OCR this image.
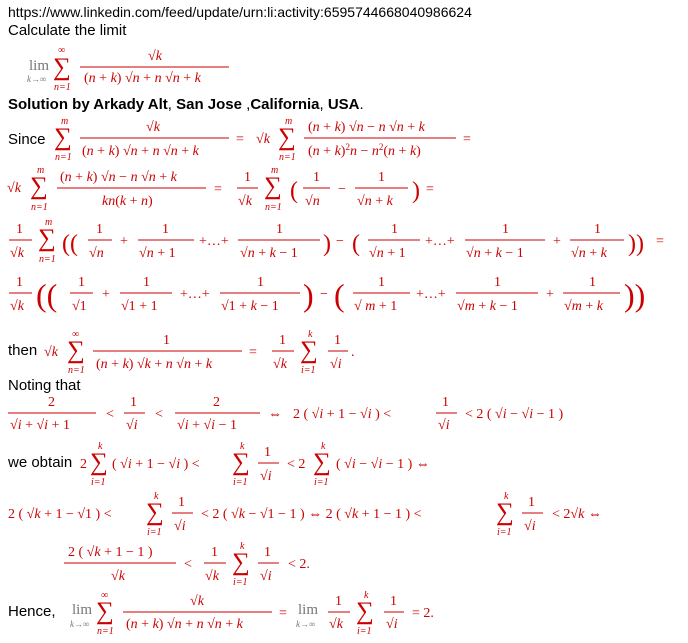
https://www.linkedin.com/feed/update/urn:li:activity:6595744668040986624
Calculate the limit
Solution by Arkady Alt, San Jose ,California, USA.
Since
then
Noting that
we obtain
Hence,
lim
k→∞ ∑
∞
n=1
√k
(n + k) √n + n √n + k
∑
m
n=1
√k
(n + k) √n + n √n + k
= √k ∑
m
n=1
(n + k) √n − n √n + k
$(n + k)^2n - n^2(n + k)$
=
√k ∑
m
n=1
(n + k) √n − n √n + k
kn(k + n)
=
1
√k
∑
m
n=1
(
1
√n
−
1
√n + k ) =
1
√k
∑
m
n=1
((
1
√n
+
1
√n + 1
+…+
1
√n + k − 1 ) − (
1
√n + 1
+…+
1
√n + k − 1
+
1
√n + k )) =
1
√k (( 1
√1
+
1
√1 + 1
+…+
1
√1 + k − 1 ) − ( 1
√ m + 1
+…+
1
√m + k − 1
+
1
√m + k ))
√k ∑
∞
n=1
1
(n + k) √k + n √n + k
=
1
√k
∑
k
i=1
1
√i
.
2
√i + √i + 1
<
1
√i
<
2
√i + √i − 1
⇔ 2 ( √i + 1 − √i ) <
1
√i
< 2 ( √i − √i − 1 )
2 ∑
k
i=1
( √i + 1 − √i ) < ∑
k
i=1
1
√i
< 2 ∑
k
i=1
( √i − √i − 1 ) ⇔
2 ( √k + 1 − √1 ) < ∑
k
i=1
1
√i
< 2 ( √k − √1 − 1 ) ⇔ 2 ( √k + 1 − 1 ) <	∑
k
i=1
1
√i
< 2√k ⇔
2 ( √k + 1 − 1 )
√k
<
1
√k
∑
k
i=1
1
√i
< 2.
lim
k→∞ ∑
∞
n=1
√k
(n + k) √n + n √n + k
= lim
k→∞
1
√k ∑
k
i=1
1
√i
= 2.
